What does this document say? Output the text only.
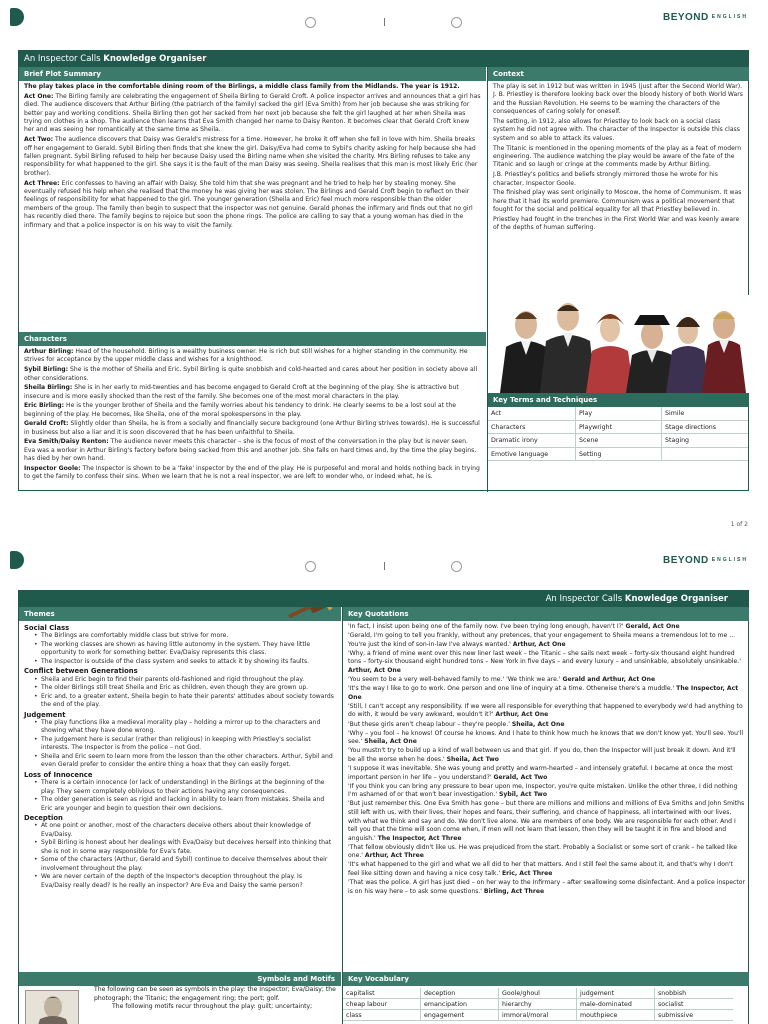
BEYOND ENGLISH
An Inspector Calls Knowledge Organiser
Brief Plot Summary

The play takes place in the comfortable dining room of the Birlings, a middle class family from the Midlands. The year is 1912.

Act One: The Birling family are celebrating the engagement of Sheila Birling to Gerald Croft. A police inspector arrives and announces that a girl has died. The audience discovers that Arthur Birling (the patriarch of the family) sacked the girl (Eva Smith) from her job because she was striking for better pay and working conditions. Sheila Birling then got her sacked from her next job because she felt the girl laughed at her when Sheila was trying on clothes in a shop. The audience then learns that Eva Smith changed her name to Daisy Renton. It becomes clear that Gerald Croft knew her and was seeing her romantically at the same time as Sheila.

Act Two: The audience discovers that Daisy was Gerald's mistress for a time. However, he broke it off when she fell in love with him. Sheila breaks off her engagement to Gerald. Sybil Birling then finds that she knew the girl. Daisy/Eva had come to Sybil's charity asking for help because she had fallen pregnant. Sybil Birling refused to help her because Daisy used the Birling name when she visited the charity. Mrs Birling refuses to take any responsibility for what happened to the girl. She says it is the fault of the man Daisy was seeing. Sheila realises that this man is most likely Eric (her brother).

Act Three: Eric confesses to having an affair with Daisy. She told him that she was pregnant and he tried to help her by stealing money. She eventually refused his help when she realised that the money he was giving her was stolen. The Birlings and Gerald Croft begin to reflect on their feelings of responsibility for what happened to the girl. The younger generation (Sheila and Eric) feel much more responsible than the older members of the group. The family then begin to suspect that the inspector was not genuine. Gerald phones the infirmary and finds out that no girl has recently died there. The family begins to rejoice but soon the phone rings. The police are calling to say that a young woman has died in the infirmary and that a police inspector is on his way to visit the family.

Context

The play is set in 1912 but was written in 1945 (just after the Second World War). J. B. Priestley is therefore looking back over the bloody history of both World Wars and the Russian Revolution. He seems to be warning the characters of the consequences of caring solely for oneself.

The setting, in 1912, also allows for Priestley to look back on a social class system he did not agree with. The character of the Inspector is outside this class system and so able to attack its values.

The Titanic is mentioned in the opening moments of the play as a feat of modern engineering. The audience watching the play would be aware of the fate of the Titanic and so laugh or cringe at the comments made by Arthur Birling.

J.B. Priestley's politics and beliefs strongly mirrored those he wrote for his character, Inspector Goole.

The finished play was sent originally to Moscow, the home of Communism. It was here that it had its world premiere. Communism was a political movement that fought for the social and political equality for all that Priestley believed in.

Priestley had fought in the trenches in the First World War and was keenly aware of the depths of human suffering.

Characters

Arthur Birling: Head of the household. Birling is a wealthy business owner. He is rich but still wishes for a higher standing in the community. He strives for acceptance by the upper middle class and wishes for a knighthood.

Sybil Birling: She is the mother of Sheila and Eric. Sybil Birling is quite snobbish and cold-hearted and cares about her position in society above all other considerations.

Sheila Birling: She is in her early to mid-twenties and has become engaged to Gerald Croft at the beginning of the play. She is attractive but insecure and is more easily shocked than the rest of the family. She becomes one of the most moral characters in the play.

Eric Birling: He is the younger brother of Sheila and the family worries about his tendency to drink. He clearly seems to be a lost soul at the beginning of the play. He becomes, like Sheila, one of the moral spokespersons in the play.

Gerald Croft: Slightly older than Sheila, he is from a socially and financially secure background (one Arthur Birling strives towards). He is successful in business but also a liar and it is soon discovered that he has been unfaithful to Sheila.

Eva Smith/Daisy Renton: The audience never meets this character – she is the focus of most of the conversation in the play but is never seen. Eva was a worker in Arthur Birling's factory before being sacked from this and another job. She falls on hard times and, by the time the play begins, has died by her own hand.

Inspector Goole: The Inspector is shown to be a 'fake' inspector by the end of the play. He is purposeful and moral and holds nothing back in trying to get the family to confess their sins. When we learn that he is not a real inspector, we are left to wonder who, or indeed what, he is.

Key Terms and Techniques
Act	Play	Simile
Characters	Playwright	Stage directions
Dramatic irony	Scene	Staging
Emotive language	Setting
1 of 2
BEYOND ENGLISH
An Inspector Calls Knowledge Organiser
Themes
Social Class
• The Birlings are comfortably middle class but strive for more.
• The working classes are shown as having little autonomy in the system. They have little opportunity to work for something better. Eva/Daisy represents this class.
• The Inspector is outside of the class system and seeks to attack it by showing its faults.
Conflict between Generations
• Sheila and Eric begin to find their parents old-fashioned and rigid throughout the play.
• The older Birlings still treat Sheila and Eric as children, even though they are grown up.
• Eric and, to a greater extent, Sheila begin to hate their parents' attitudes about society towards the end of the play.
Judgement
• The play functions like a medieval morality play – holding a mirror up to the characters and showing what they have done wrong.
• The judgement here is secular (rather than religious) in keeping with Priestley's socialist interests. The Inspector is from the police – not God.
• Sheila and Eric seem to learn more from the lesson than the other characters. Arthur, Sybil and even Gerald prefer to consider the entire thing a hoax that they can easily forget.
Loss of Innocence
• There is a certain innocence (or lack of understanding) in the Birlings at the beginning of the play. They seem completely oblivious to their actions having any consequences.
• The older generation is seen as rigid and lacking in ability to learn from mistakes. Sheila and Eric are younger and begin to question their own decisions.
Deception
• At one point or another, most of the characters deceive others about their knowledge of Eva/Daisy.
• Sybil Birling is honest about her dealings with Eva/Daisy but deceives herself into thinking that she is not in some way responsible for Eva's fate.
• Some of the characters (Arthur, Gerald and Sybil) continue to deceive themselves about their involvement throughout the play.
• We are never certain of the depth of the Inspector's deception throughout the play. Is Eva/Daisy really dead? Is he really an inspector? Are Eva and Daisy the same person?
Key Quotations

'In fact, I insist upon being one of the family now. I've been trying long enough, haven't I?' Gerald, Act One

'Gerald, I'm going to tell you frankly, without any pretences, that your engagement to Sheila means a tremendous lot to me ... You're just the kind of son-in-law I've always wanted.' Arthur, Act One

'Why, a friend of mine went over this new liner last week – the Titanic – she sails next week – forty-six thousand eight hundred tons – forty-six thousand eight hundred tons – New York in five days – and every luxury – and unsinkable, absolutely unsinkable.' Arthur, Act One

'You seem to be a very well-behaved family to me.' 'We think we are.' Gerald and Arthur, Act One

'It's the way I like to go to work. One person and one line of inquiry at a time. Otherwise there's a muddle.' The Inspector, Act One

'Still, I can't accept any responsibility. If we were all responsible for everything that happened to everybody we'd had anything to do with, it would be very awkward, wouldn't it?' Arthur, Act One

'But these girls aren't cheap labour – they're people.' Sheila, Act One

'Why – you fool – he knows! Of course he knows. And I hate to think how much he knows that we don't know yet. You'll see. You'll see.' Sheila, Act One

'You mustn't try to build up a kind of wall between us and that girl. If you do, then the Inspector will just break it down. And it'll be all the worse when he does.' Sheila, Act Two

'I suppose it was inevitable. She was young and pretty and warm-hearted – and intensely grateful. I became at once the most important person in her life – you understand?' Gerald, Act Two

'If you think you can bring any pressure to bear upon me, Inspector, you're quite mistaken. Unlike the other three, I did nothing I'm ashamed of or that won't bear investigation.' Sybil, Act Two

'But just remember this. One Eva Smith has gone – but there are millions and millions and millions of Eva Smiths and John Smiths still left with us, with their lives, their hopes and fears, their suffering, and chance of happiness, all intertwined with our lives, with what we think and say and do. We don't live alone. We are members of one body. We are responsible for each other. And I tell you that the time will soon come when, if men will not learn that lesson, then they will be taught it in fire and blood and anguish.' The Inspector, Act Three

'That fellow obviously didn't like us. He was prejudiced from the start. Probably a Socialist or some sort of crank – he talked like one.' Arthur, Act Three

'It's what happened to the girl and what we all did to her that matters. And I still feel the same about it, and that's why I don't feel like sitting down and having a nice cosy talk.' Eric, Act Three

'That was the police. A girl has just died – on her way to the Infirmary – after swallowing some disinfectant. And a police inspector is on his way here – to ask some questions.' Birling, Act Three

Symbols and Motifs
The following can be seen as symbols in the play: the Inspector; Eva/Daisy; the photograph; the Titanic; the engagement ring; the port; golf.
The following motifs recur throughout the play: guilt; uncertainty;
Key Vocabulary
capitalist	deception	Goole/ghoul	judgement	snobbish
cheap labour	emancipation	hierarchy	male-dominated	socialist
class	engagement	immoral/moral	mouthpiece	submissive
